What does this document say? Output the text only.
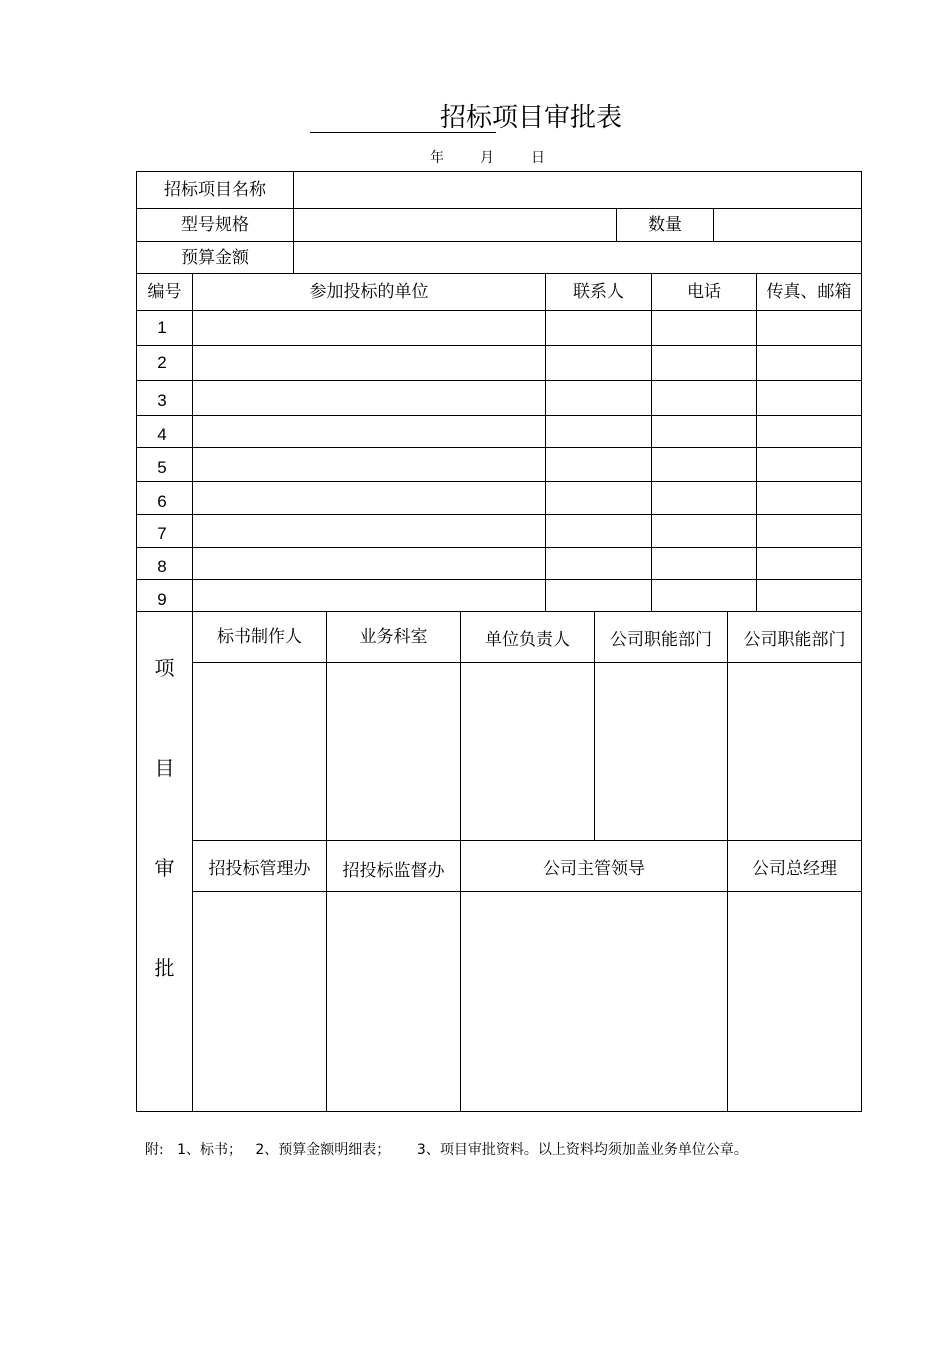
招标项目审批表
年	月	日
招标项目名称
型号规格	数量
预算金额
编号	参加投标的单位	联系人	电话	传真、邮箱
1
2
3
4
5
6
7
8
9
项
目
审
批
标书制作人	业务科室	单位负责人	公司职能部门	公司职能部门
招投标管理办	招投标监督办	公司主管领导	公司总经理
附:   1、标书；   2、预算金额明细表；      3、项目审批资料。以上资料均须加盖业务单位公章。
